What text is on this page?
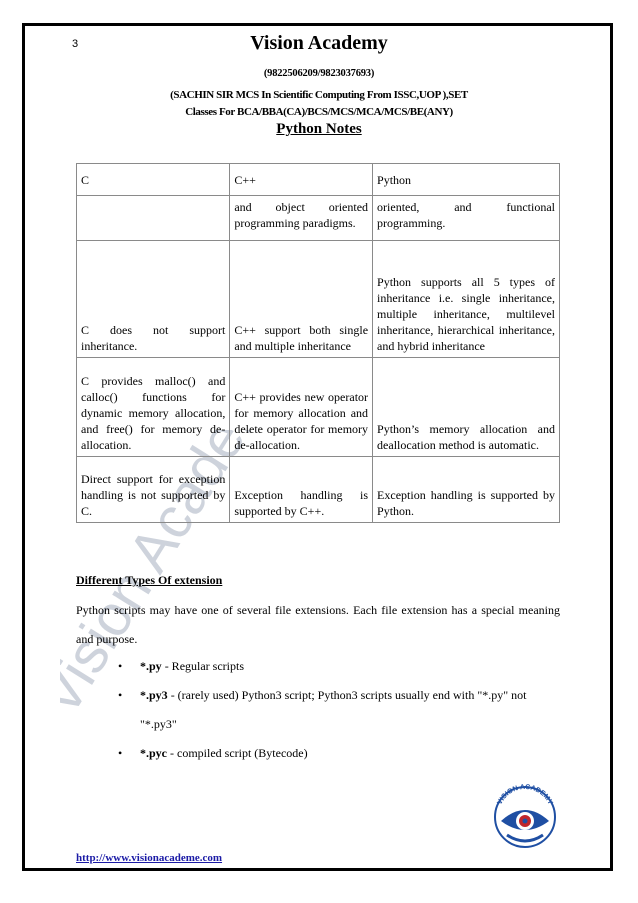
3	Vision Academy
(9822506209/9823037693)
(SACHIN SIR MCS In Scientific Computing From ISSC,UOP ),SET
Classes For BCA/BBA(CA)/BCS/MCS/MCA/MCS/BE(ANY)
Python Notes
C	C++	Python
	and object oriented programming paradigms.	oriented, and functional programming.
C does not support inheritance.	C++ support both single and multiple inheritance	Python supports all 5 types of inheritance i.e. single inheritance, multiple inheritance, multilevel inheritance, hierarchical inheritance, and hybrid inheritance
C provides malloc() and calloc() functions for dynamic memory allocation, and free() for memory de-allocation.	C++ provides new operator for memory allocation and delete operator for memory de-allocation.	Python’s memory allocation and deallocation method is automatic.
Direct support for exception handling is not supported by C.	Exception handling is supported by C++.	Exception handling is supported by Python.
Different Types Of extension
Python scripts may have one of several file extensions. Each file extension has a special meaning and purpose.
• *.py - Regular scripts
• *.py3 - (rarely used) Python3 script; Python3 scripts usually end with "*.py" not "*.py3"
• *.pyc - compiled script (Bytecode)
VISION ACADEMY
http://www.visionacademe.com
